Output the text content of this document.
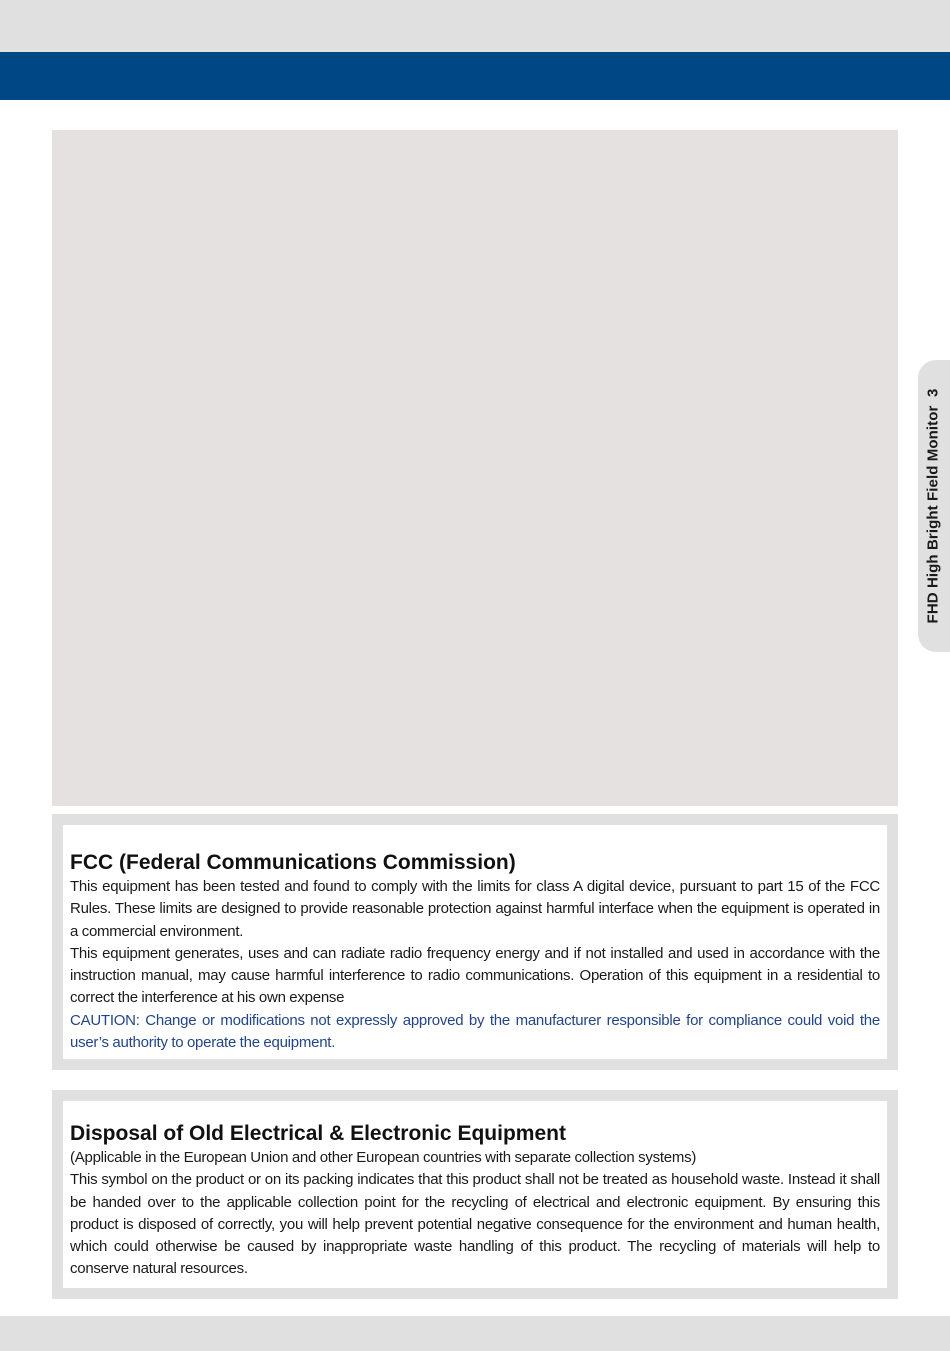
FHD High Bright Field Monitor  3
FCC (Federal Communications Commission)

This equipment has been tested and found to comply with the limits for class A digital device, pursuant to part 15 of the FCC Rules. These limits are designed to provide reasonable protection against harmful interface when the equipment is operated in a commercial environment.

This equipment generates, uses and can radiate radio frequency energy and if not installed and used in accordance with the instruction manual, may cause harmful interference to radio communications. Operation of this equipment in a residential to correct the interference at his own expense

CAUTION: Change or modifications not expressly approved by the manufacturer responsible for compliance could void the user’s authority to operate the equipment.

Disposal of Old Electrical & Electronic Equipment

(Applicable in the European Union and other European countries with separate collection systems)

This symbol on the product or on its packing indicates that this product shall not be treated as household waste. Instead it shall be handed over to the applicable collection point for the recycling of electrical and electronic equipment. By ensuring this product is disposed of correctly, you will help prevent potential negative consequence for the environment and human health, which could otherwise be caused by inappropriate waste handling of this product. The recycling of materials will help to conserve natural resources.
